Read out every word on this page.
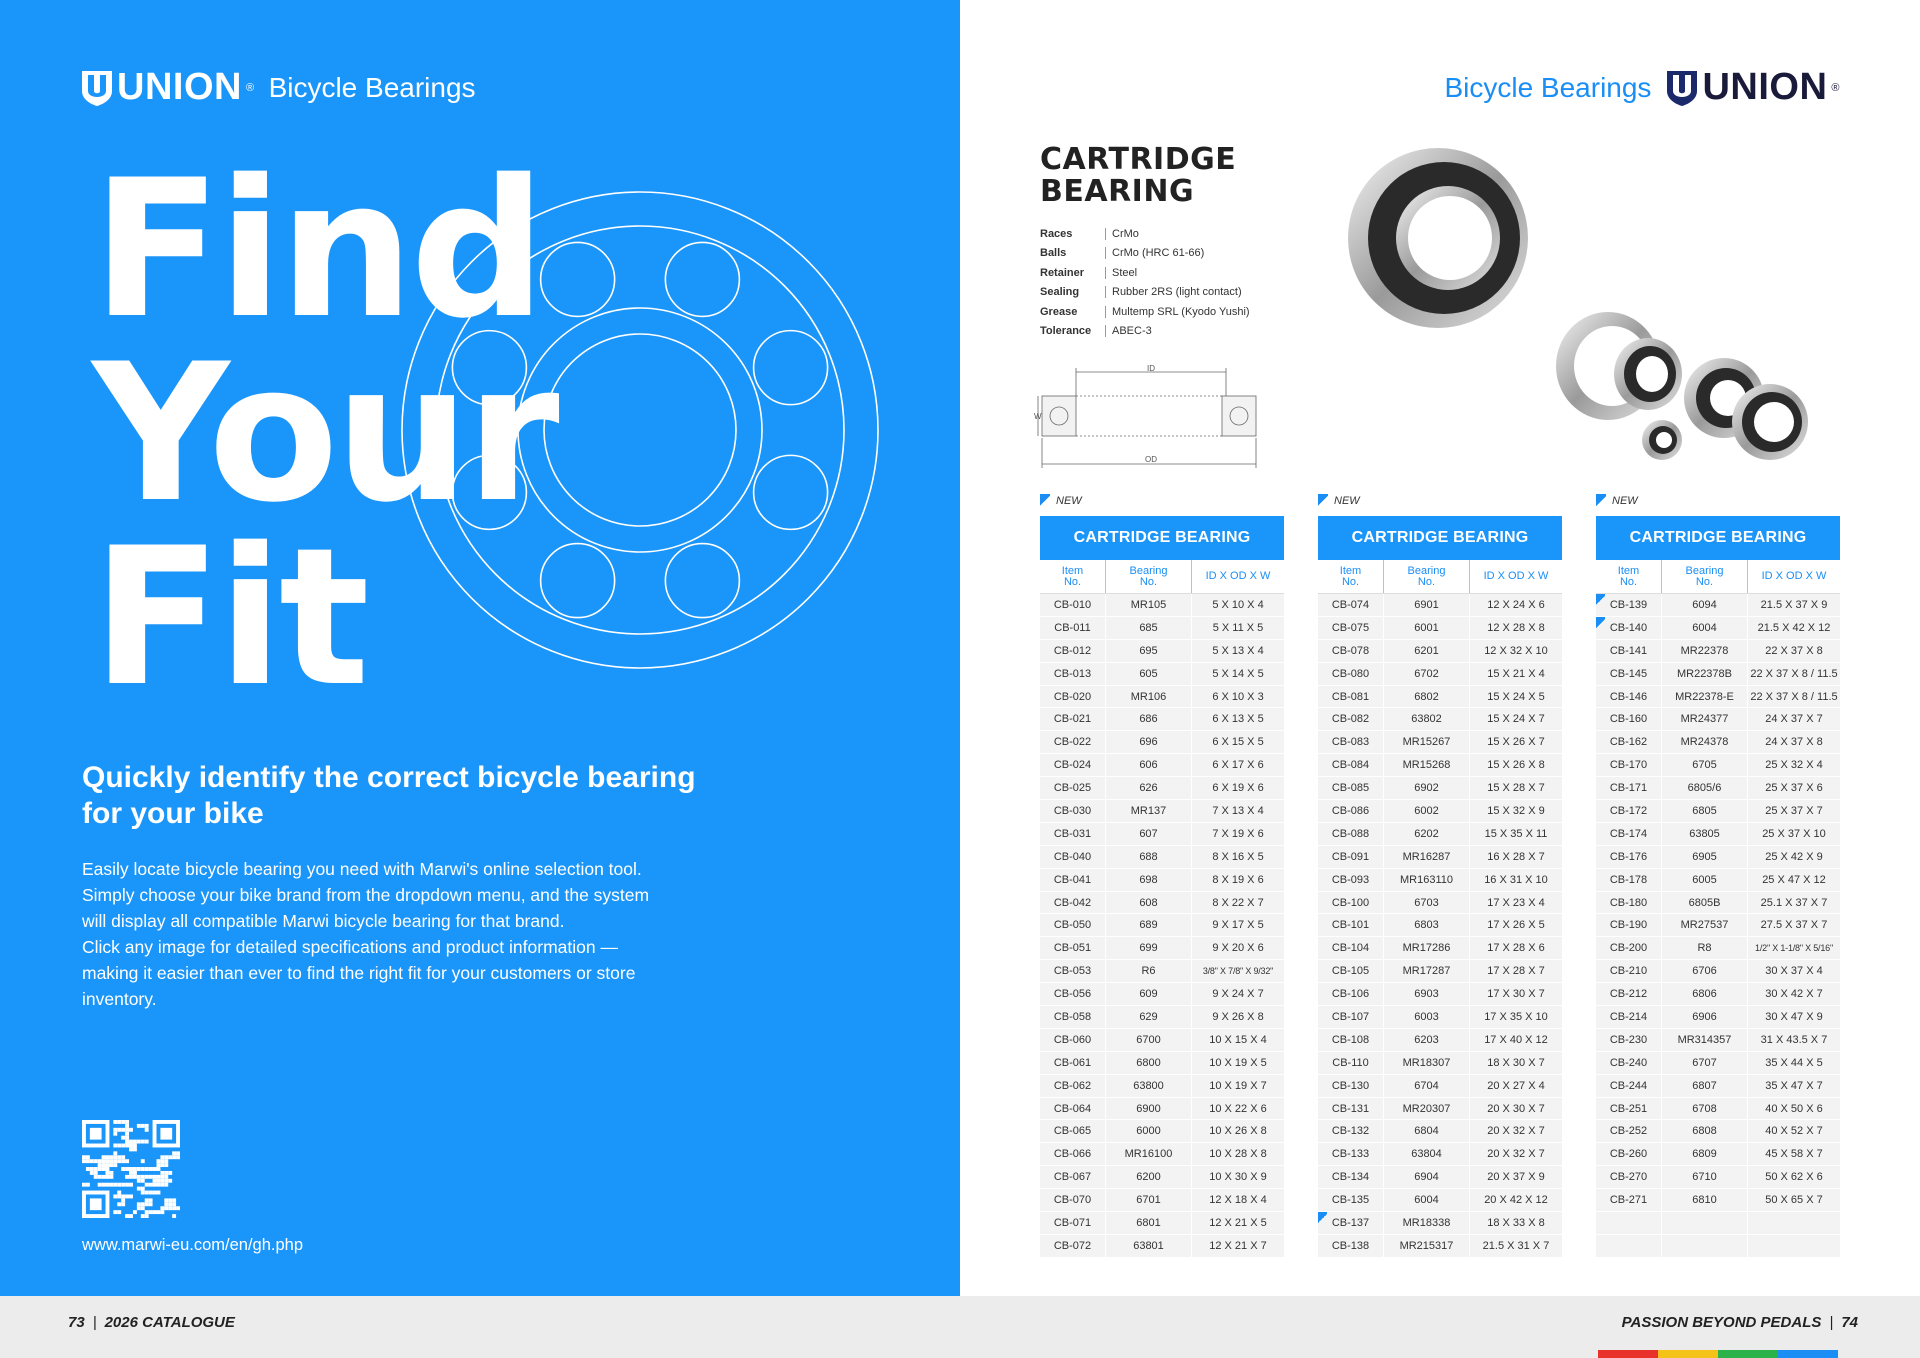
UNION ® Bicycle Bearings
Find
Your
Fit
Quickly identify the correct bicycle bearing
for your bike
Easily locate bicycle bearing you need with Marwi's online selection tool.
Simply choose your bike brand from the dropdown menu, and the system
will display all compatible Marwi bicycle bearing for that brand.
Click any image for detailed specifications and product information —
making it easier than ever to find the right fit for your customers or store
inventory.
www.marwi-eu.com/en/gh.php
Bicycle Bearings UNION ®
CARTRIDGE
BEARING
Races	CrMo
Balls	CrMo (HRC 61-66)
Retainer	Steel
Sealing	Rubber 2RS (light contact)
Grease	Multemp SRL (Kyodo Yushi)
Tolerance	ABEC-3
ID
OD
W
NEW
CARTRIDGE BEARING
Item
No.
Bearing
No.	ID X OD X W
CB-010	MR105	5 X 10 X 4
CB-011	685	5 X 11 X 5
CB-012	695	5 X 13 X 4
CB-013	605	5 X 14 X 5
CB-020	MR106	6 X 10 X 3
CB-021	686	6 X 13 X 5
CB-022	696	6 X 15 X 5
CB-024	606	6 X 17 X 6
CB-025	626	6 X 19 X 6
CB-030	MR137	7 X 13 X 4
CB-031	607	7 X 19 X 6
CB-040	688	8 X 16 X 5
CB-041	698	8 X 19 X 6
CB-042	608	8 X 22 X 7
CB-050	689	9 X 17 X 5
CB-051	699	9 X 20 X 6
CB-053	R6	3/8" X 7/8" X 9/32"
CB-056	609	9 X 24 X 7
CB-058	629	9 X 26 X 8
CB-060	6700	10 X 15 X 4
CB-061	6800	10 X 19 X 5
CB-062	63800	10 X 19 X 7
CB-064	6900	10 X 22 X 6
CB-065	6000	10 X 26 X 8
CB-066	MR16100	10 X 28 X 8
CB-067	6200	10 X 30 X 9
CB-070	6701	12 X 18 X 4
CB-071	6801	12 X 21 X 5
CB-072	63801	12 X 21 X 7
NEW
CARTRIDGE BEARING
Item
No.
Bearing
No.	ID X OD X W
CB-074	6901	12 X 24 X 6
CB-075	6001	12 X 28 X 8
CB-078	6201	12 X 32 X 10
CB-080	6702	15 X 21 X 4
CB-081	6802	15 X 24 X 5
CB-082	63802	15 X 24 X 7
CB-083	MR15267	15 X 26 X 7
CB-084	MR15268	15 X 26 X 8
CB-085	6902	15 X 28 X 7
CB-086	6002	15 X 32 X 9
CB-088	6202	15 X 35 X 11
CB-091	MR16287	16 X 28 X 7
CB-093	MR163110	16 X 31 X 10
CB-100	6703	17 X 23 X 4
CB-101	6803	17 X 26 X 5
CB-104	MR17286	17 X 28 X 6
CB-105	MR17287	17 X 28 X 7
CB-106	6903	17 X 30 X 7
CB-107	6003	17 X 35 X 10
CB-108	6203	17 X 40 X 12
CB-110	MR18307	18 X 30 X 7
CB-130	6704	20 X 27 X 4
CB-131	MR20307	20 X 30 X 7
CB-132	6804	20 X 32 X 7
CB-133	63804	20 X 32 X 7
CB-134	6904	20 X 37 X 9
CB-135	6004	20 X 42 X 12
CB-137	MR18338	18 X 33 X 8
CB-138	MR215317	21.5 X 31 X 7
NEW
CARTRIDGE BEARING
Item
No.
Bearing
No.	ID X OD X W
CB-139	6094	21.5 X 37 X 9
CB-140	6004	21.5 X 42 X 12
CB-141	MR22378	22 X 37 X 8
CB-145	MR22378B	22 X 37 X 8 / 11.5
CB-146	MR22378-E	22 X 37 X 8 / 11.5
CB-160	MR24377	24 X 37 X 7
CB-162	MR24378	24 X 37 X 8
CB-170	6705	25 X 32 X 4
CB-171	6805/6	25 X 37 X 6
CB-172	6805	25 X 37 X 7
CB-174	63805	25 X 37 X 10
CB-176	6905	25 X 42 X 9
CB-178	6005	25 X 47 X 12
CB-180	6805B	25.1 X 37 X 7
CB-190	MR27537	27.5 X 37 X 7
CB-200	R8	1/2" X 1-1/8" X 5/16"
CB-210	6706	30 X 37 X 4
CB-212	6806	30 X 42 X 7
CB-214	6906	30 X 47 X 9
CB-230	MR314357	31 X 43.5 X 7
CB-240	6707	35 X 44 X 5
CB-244	6807	35 X 47 X 7
CB-251	6708	40 X 50 X 6
CB-252	6808	40 X 52 X 7
CB-260	6809	45 X 58 X 7
CB-270	6710	50 X 62 X 6
CB-271	6810	50 X 65 X 7
73 | 2026 CATALOGUE	PASSION BEYOND PEDALS | 74
